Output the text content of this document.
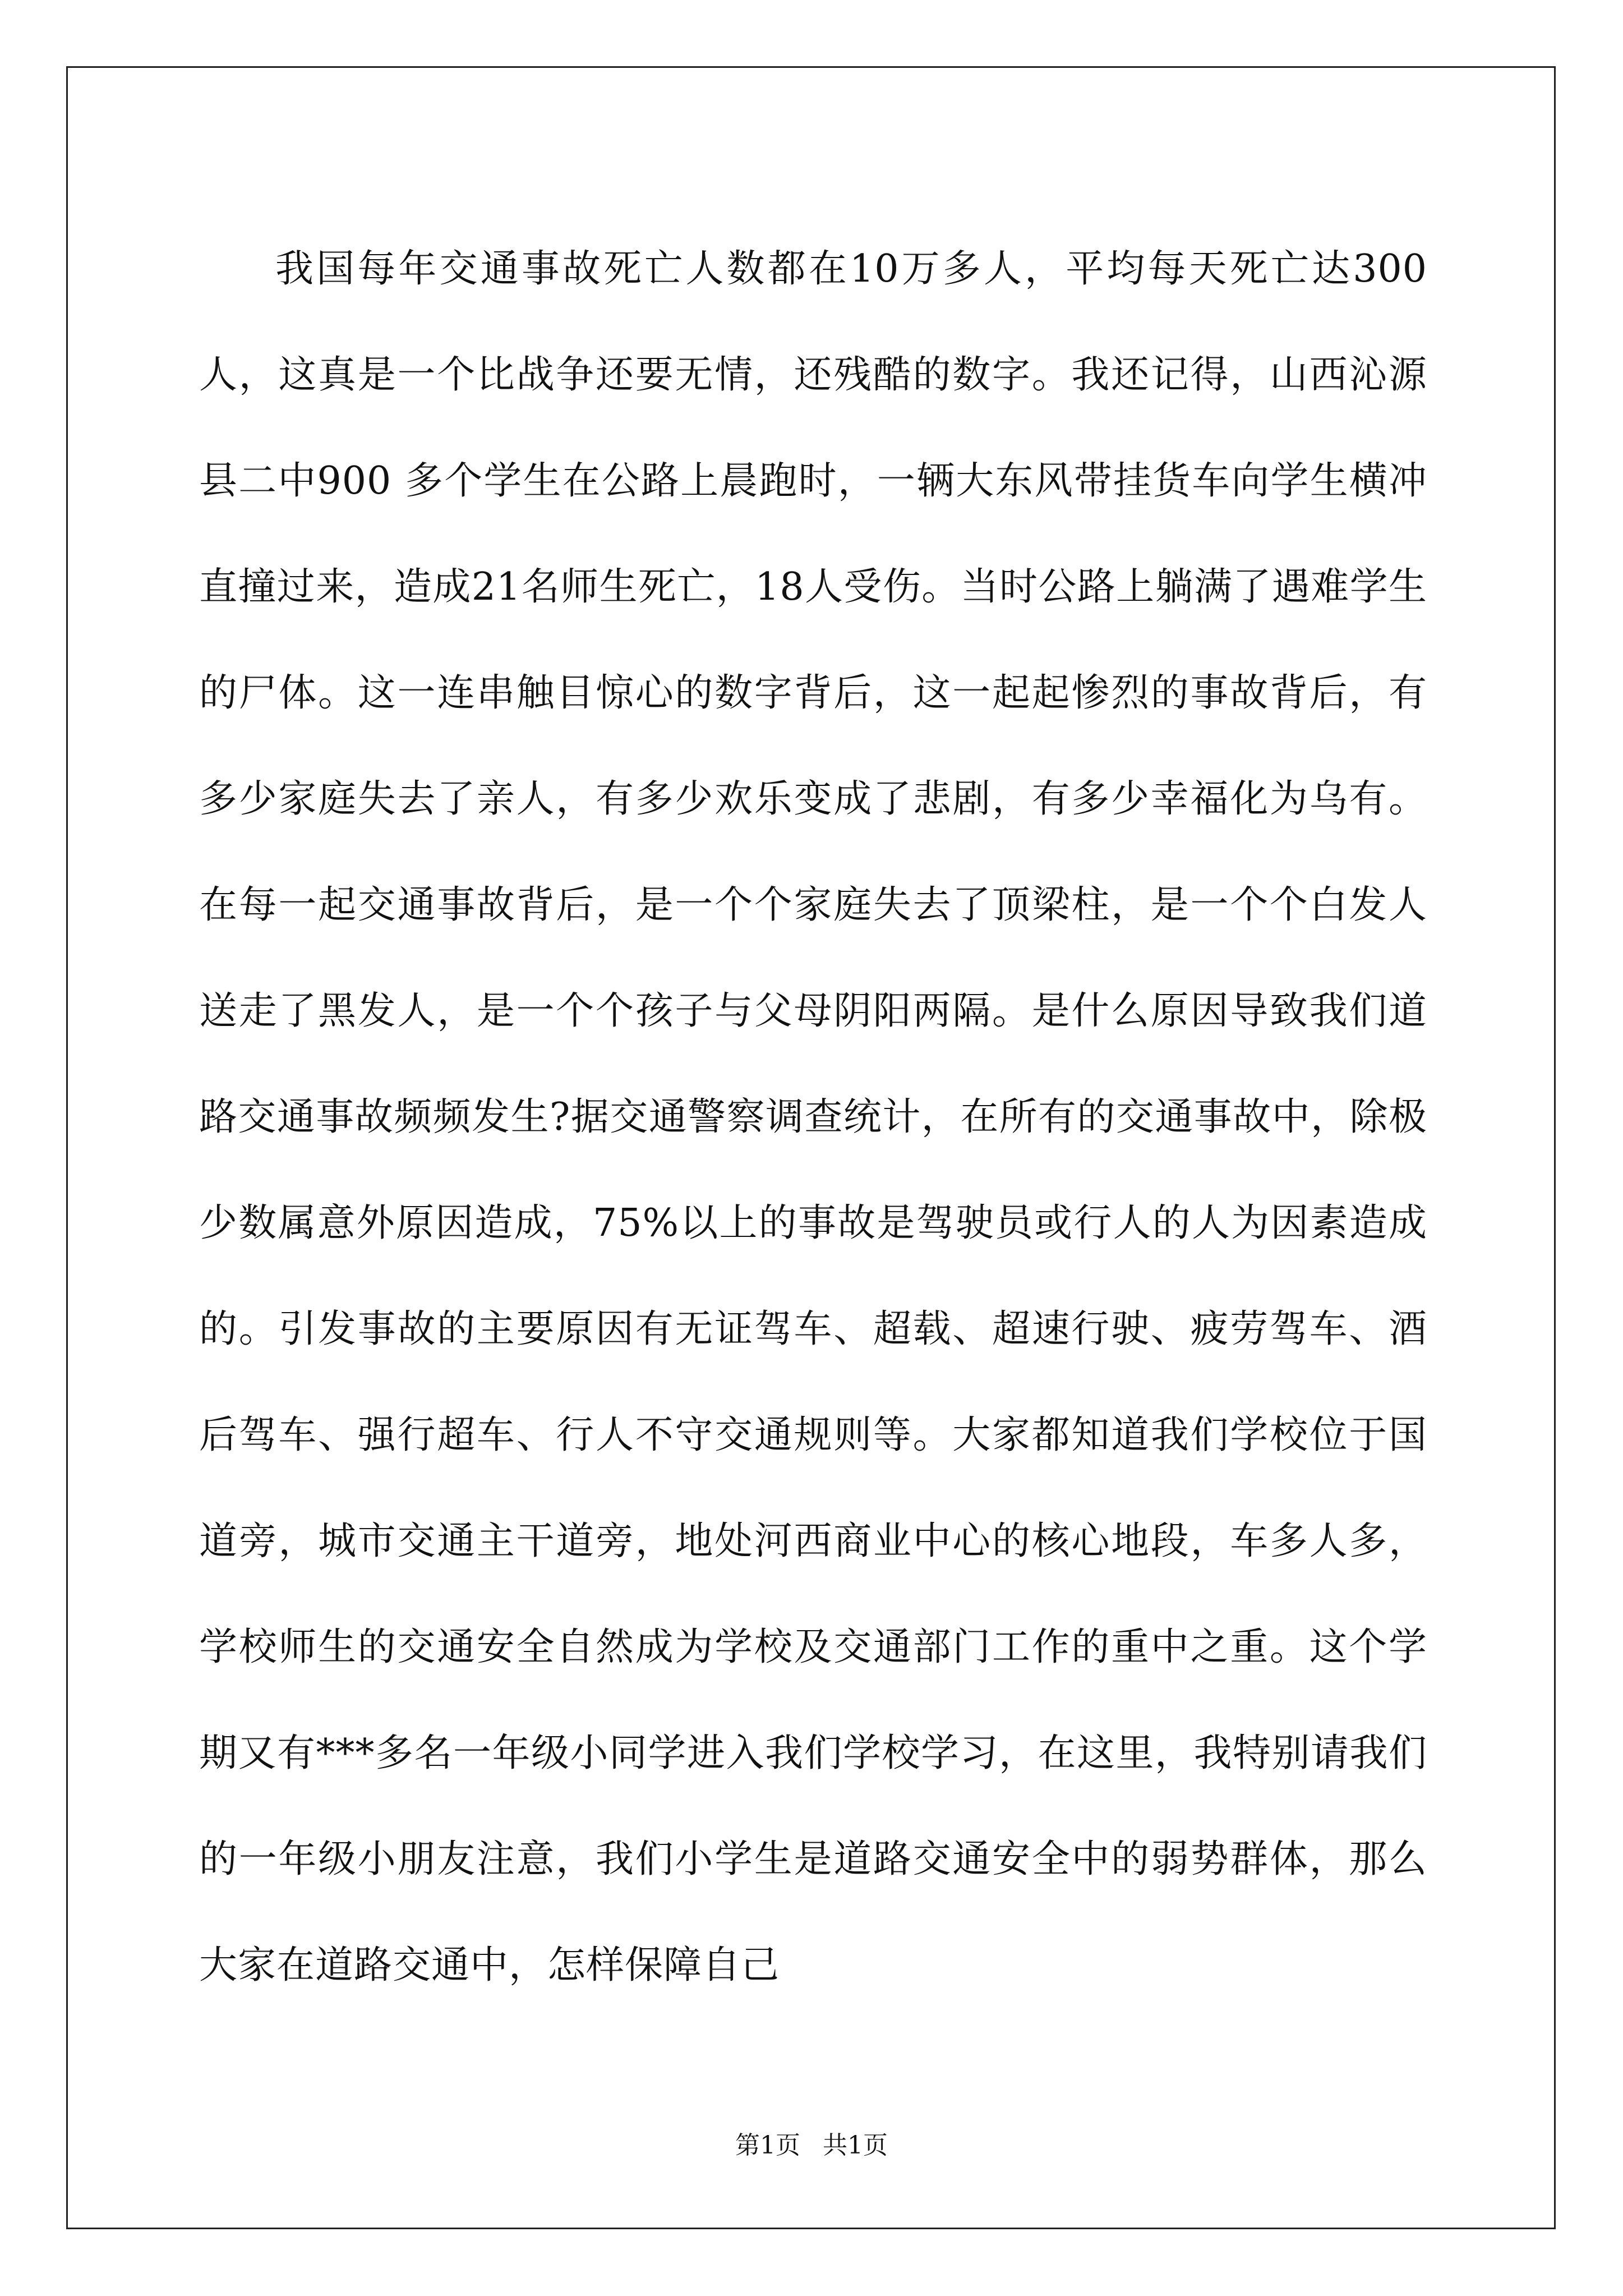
我国每年交通事故死亡人数都在10万多人，平均每天死亡达300人，这真是一个比战争还要无情，还残酷的数字。我还记得，山西沁源县二中900 多个学生在公路上晨跑时，一辆大东风带挂货车向学生横冲直撞过来，造成21名师生死亡，18人受伤。当时公路上躺满了遇难学生的尸体。这一连串触目惊心的数字背后，这一起起惨烈的事故背后，有多少家庭失去了亲人，有多少欢乐变成了悲剧，有多少幸福化为乌有。在每一起交通事故背后，是一个个家庭失去了顶梁柱，是一个个白发人送走了黑发人，是一个个孩子与父母阴阳两隔。是什么原因导致我们道路交通事故频频发生?据交通警察调查统计，在所有的交通事故中，除极少数属意外原因造成，75%以上的事故是驾驶员或行人的人为因素造成的。引发事故的主要原因有无证驾车、超载、超速行驶、疲劳驾车、酒后驾车、强行超车、行人不守交通规则等。大家都知道我们学校位于国道旁，城市交通主干道旁，地处河西商业中心的核心地段，车多人多，学校师生的交通安全自然成为学校及交通部门工作的重中之重。这个学期又有***多名一年级小同学进入我们学校学习，在这里，我特别请我们的一年级小朋友注意，我们小学生是道路交通安全中的弱势群体，那么大家在道路交通中，怎样保障自己

第1页 共1页
